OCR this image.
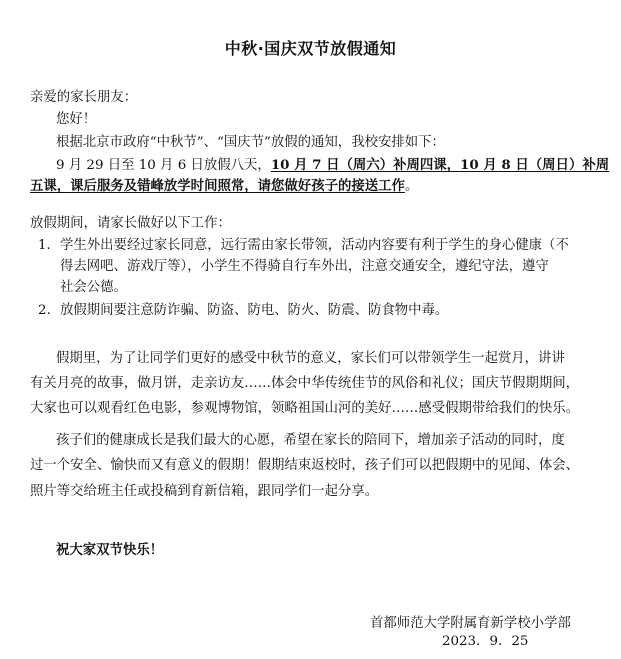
中秋·国庆双节放假通知
亲爱的家长朋友：
您好！
根据北京市政府“中秋节”、“国庆节”放假的通知，我校安排如下：
9 月 29 日至 10 月 6 日放假八天，10 月 7 日（周六）补周四课，10 月 8 日（周日）补周
五课，课后服务及错峰放学时间照常，请您做好孩子的接送工作。
放假期间，请家长做好以下工作：
1. 学生外出要经过家长同意，远行需由家长带领，活动内容要有利于学生的身心健康（不
得去网吧、游戏厅等），小学生不得骑自行车外出，注意交通安全，遵纪守法，遵守
社会公德。
2. 放假期间要注意防诈骗、防盗、防电、防火、防震、防食物中毒。
假期里，为了让同学们更好的感受中秋节的意义，家长们可以带领学生一起赏月，讲讲
有关月亮的故事，做月饼，走亲访友……体会中华传统佳节的风俗和礼仪；国庆节假期期间，
大家也可以观看红色电影，参观博物馆，领略祖国山河的美好……感受假期带给我们的快乐。
孩子们的健康成长是我们最大的心愿，希望在家长的陪同下，增加亲子活动的同时，度
过一个安全、愉快而又有意义的假期！假期结束返校时，孩子们可以把假期中的见闻、体会、
照片等交给班主任或投稿到育新信箱，跟同学们一起分享。
祝大家双节快乐！
首都师范大学附属育新学校小学部
2023．9．25
